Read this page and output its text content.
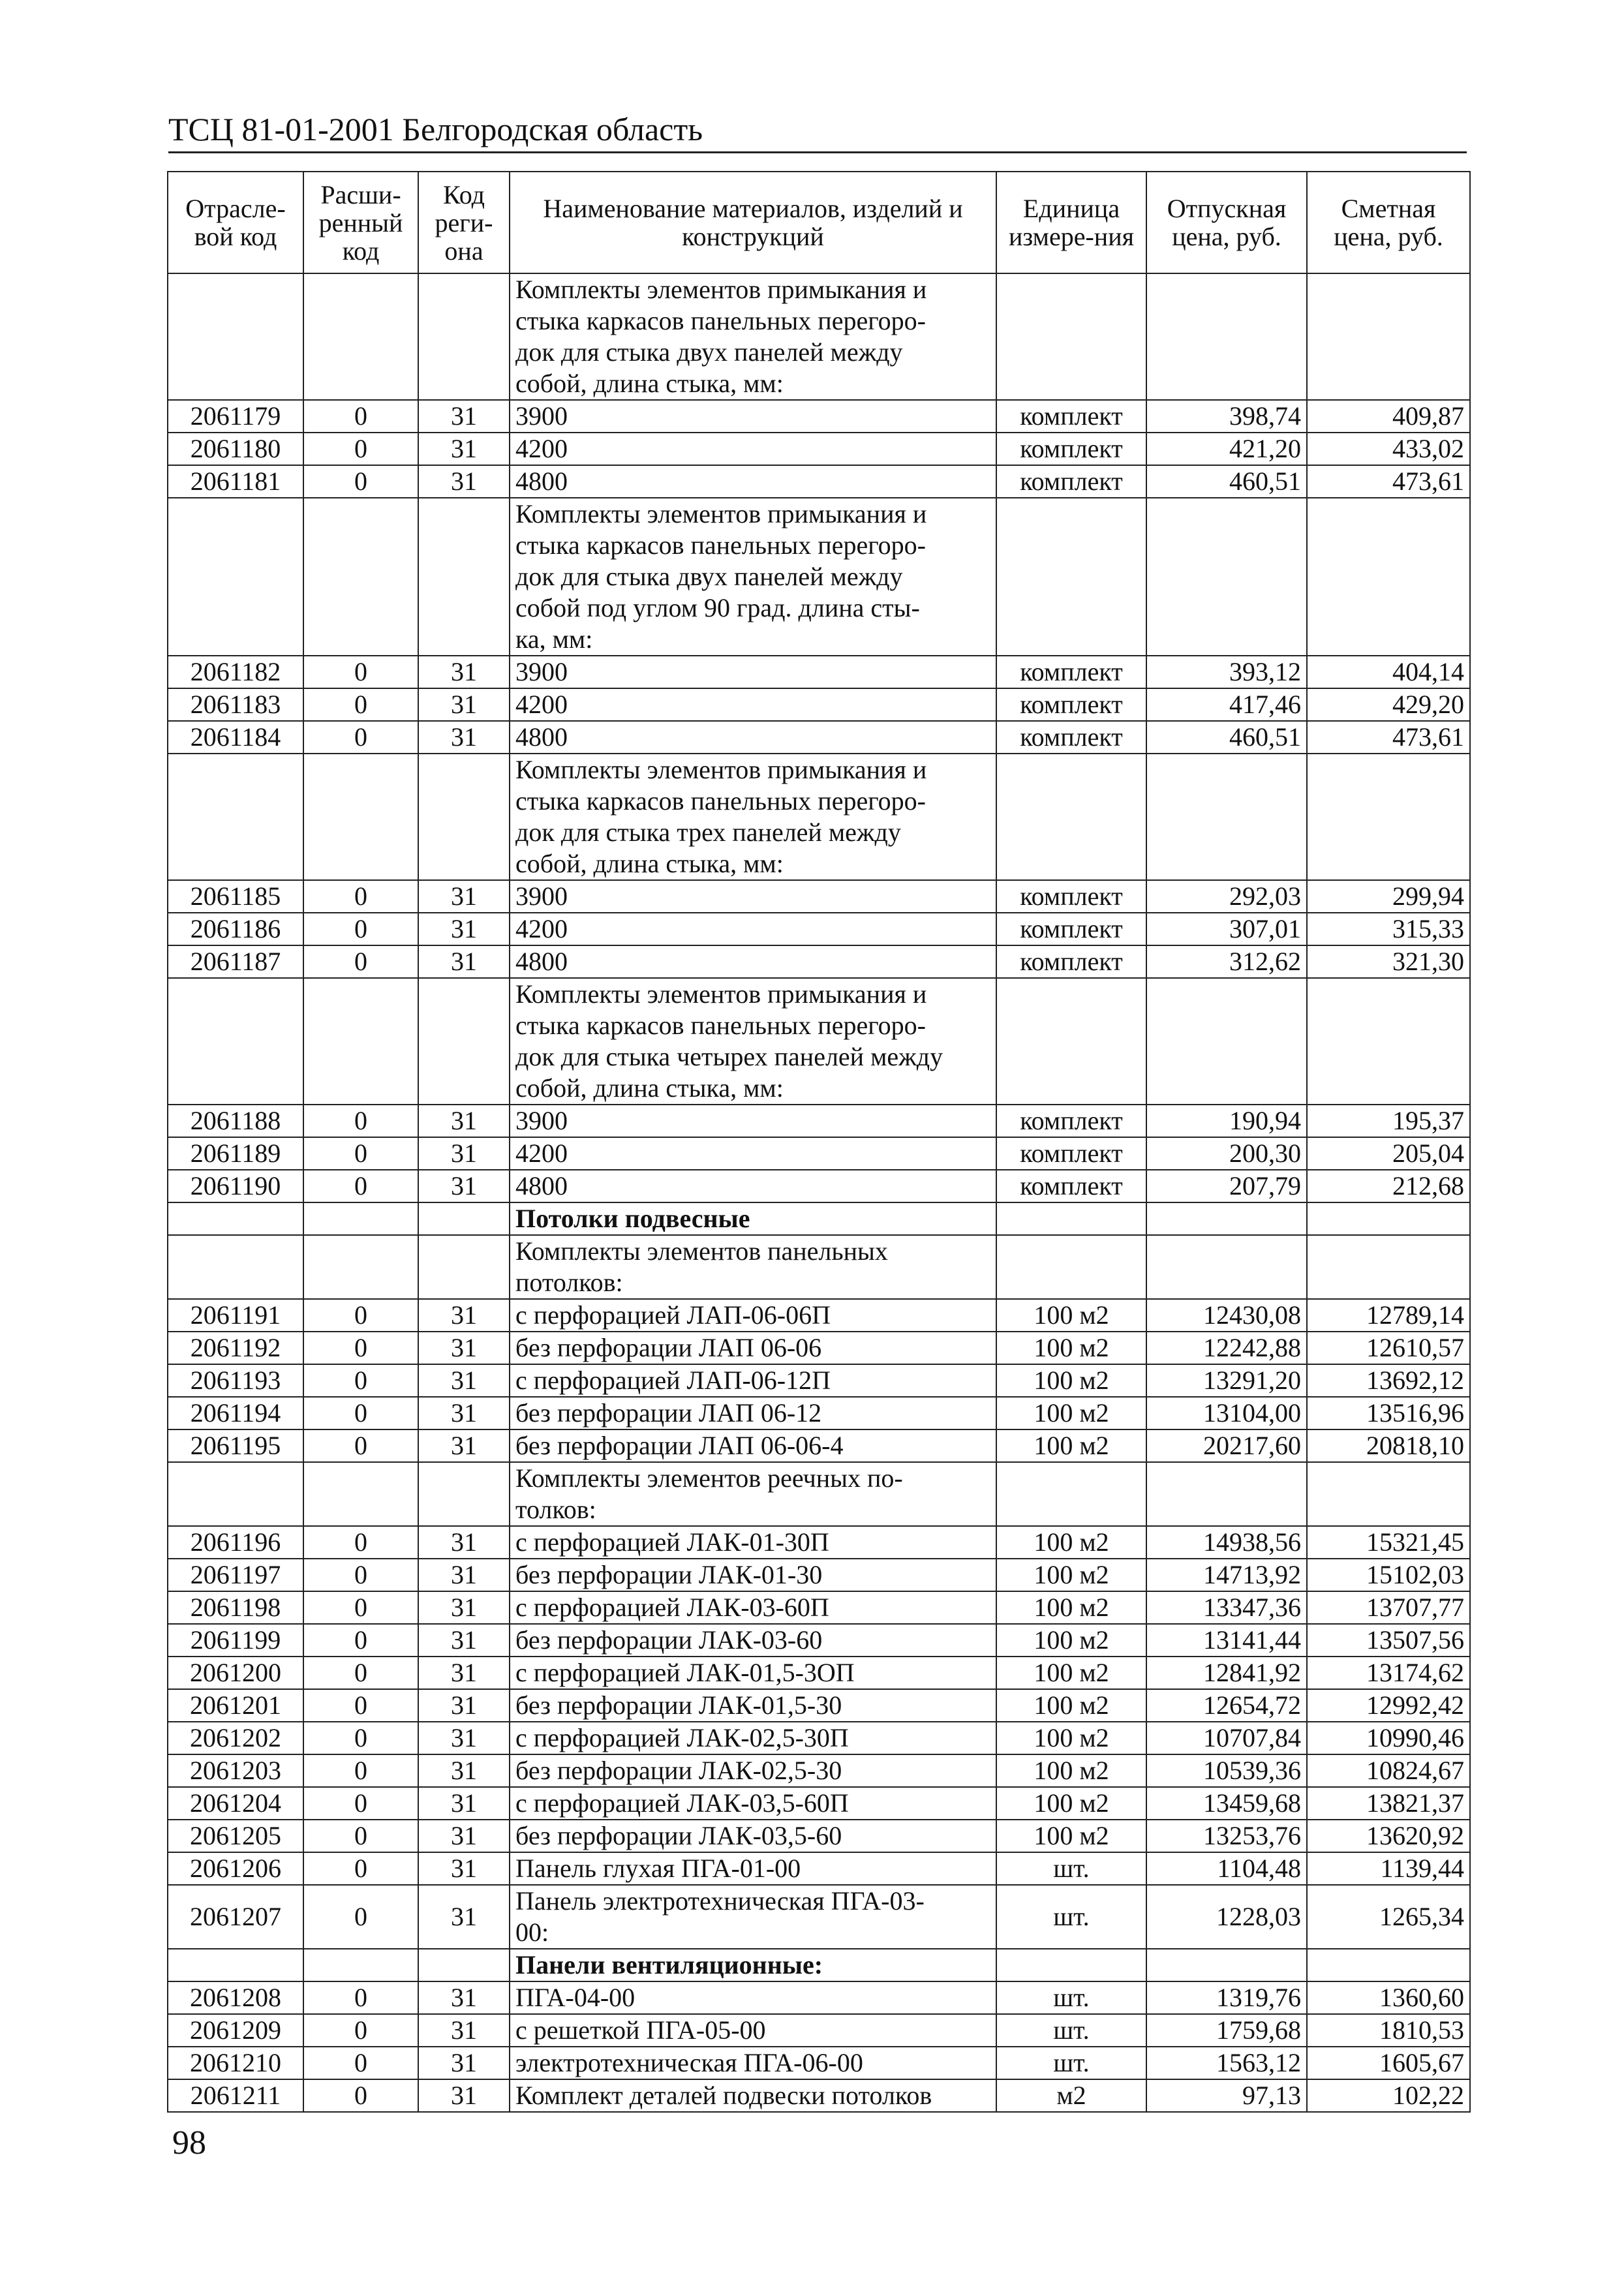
ТСЦ 81-01-2001 Белгородская область
Отрасле-вой код	Расши-ренный код	Код реги-она	Наименование материалов, изделий и конструкций	Единица измере-ния	Отпускная цена, руб.	Сметная цена, руб.

			Комплекты элементов примыкания и
стыка каркасов панельных перегоро-
док для стыка двух панелей между
собой, длина стыка, мм:			

2061179	0	31	3900	комплект	398,74	409,87
2061180	0	31	4200	комплект	421,20	433,02
2061181	0	31	4800	комплект	460,51	473,61

			Комплекты элементов примыкания и
стыка каркасов панельных перегоро-
док для стыка двух панелей между
собой под углом 90 град. длина сты-
ка, мм:			

2061182	0	31	3900	комплект	393,12	404,14
2061183	0	31	4200	комплект	417,46	429,20
2061184	0	31	4800	комплект	460,51	473,61

			Комплекты элементов примыкания и
стыка каркасов панельных перегоро-
док для стыка трех панелей между
собой, длина стыка, мм:			

2061185	0	31	3900	комплект	292,03	299,94
2061186	0	31	4200	комплект	307,01	315,33
2061187	0	31	4800	комплект	312,62	321,30

			Комплекты элементов примыкания и
стыка каркасов панельных перегоро-
док для стыка четырех панелей между
собой, длина стыка, мм:			

2061188	0	31	3900	комплект	190,94	195,37
2061189	0	31	4200	комплект	200,30	205,04
2061190	0	31	4800	комплект	207,79	212,68
			Потолки подвесные			

			Комплекты элементов панельных
потолков:			

2061191	0	31	с перфорацией ЛАП-06-06П	100 м2	12430,08	12789,14
2061192	0	31	без перфорации ЛАП 06-06	100 м2	12242,88	12610,57
2061193	0	31	с перфорацией ЛАП-06-12П	100 м2	13291,20	13692,12
2061194	0	31	без перфорации ЛАП 06-12	100 м2	13104,00	13516,96
2061195	0	31	без перфорации ЛАП 06-06-4	100 м2	20217,60	20818,10

			Комплекты элементов реечных по-
толков:			

2061196	0	31	с перфорацией ЛАК-01-30П	100 м2	14938,56	15321,45
2061197	0	31	без перфорации ЛАК-01-30	100 м2	14713,92	15102,03
2061198	0	31	с перфорацией ЛАК-03-60П	100 м2	13347,36	13707,77
2061199	0	31	без перфорации ЛАК-03-60	100 м2	13141,44	13507,56
2061200	0	31	с перфорацией ЛАК-01,5-3ОП	100 м2	12841,92	13174,62
2061201	0	31	без перфорации ЛАК-01,5-30	100 м2	12654,72	12992,42
2061202	0	31	с перфорацией ЛАК-02,5-30П	100 м2	10707,84	10990,46
2061203	0	31	без перфорации ЛАК-02,5-30	100 м2	10539,36	10824,67
2061204	0	31	с перфорацией ЛАК-03,5-60П	100 м2	13459,68	13821,37
2061205	0	31	без перфорации ЛАК-03,5-60	100 м2	13253,76	13620,92
2061206	0	31	Панель глухая ПГА-01-00	шт.	1104,48	1139,44
2061207	0	31	Панель электротехническая ПГА-03-
00:	шт.	1228,03	1265,34
			Панели вентиляционные:			
2061208	0	31	ПГА-04-00	шт.	1319,76	1360,60
2061209	0	31	с решеткой ПГА-05-00	шт.	1759,68	1810,53
2061210	0	31	электротехническая ПГА-06-00	шт.	1563,12	1605,67
2061211	0	31	Комплект деталей подвески потолков	м2	97,13	102,22
98
